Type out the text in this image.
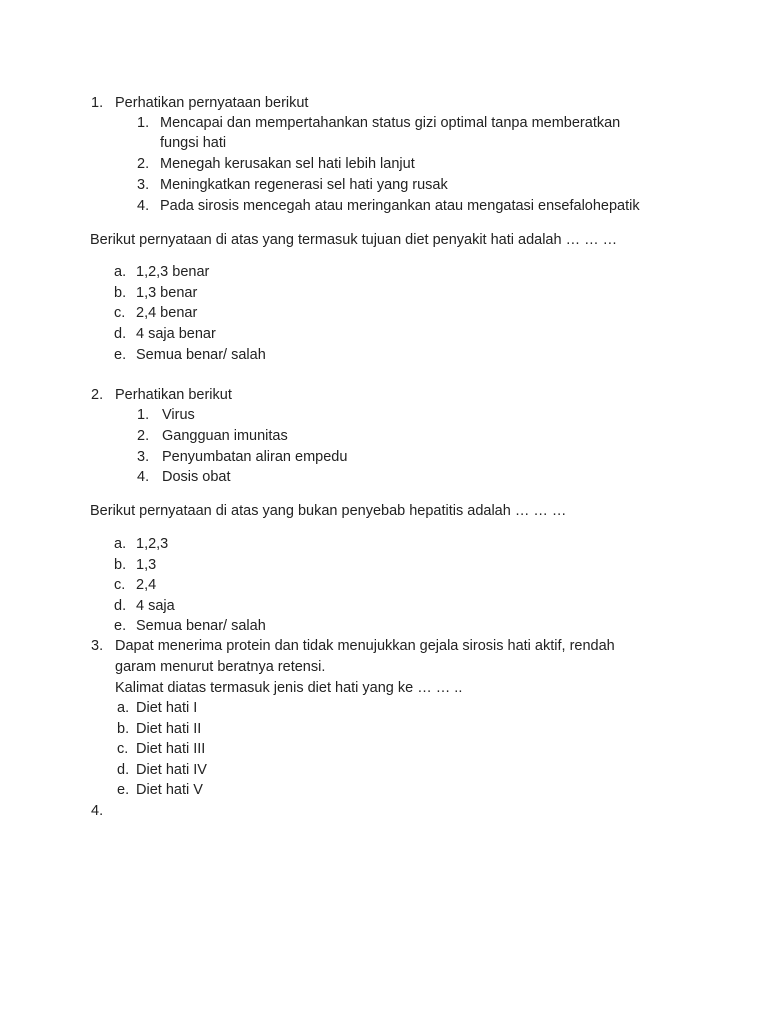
1. Perhatikan pernyataan berikut
1. Mencapai dan mempertahankan status gizi optimal tanpa memberatkan
fungsi hati
2. Menegah kerusakan sel hati lebih lanjut
3. Meningkatkan regenerasi sel hati yang rusak
4. Pada sirosis mencegah atau meringankan atau mengatasi ensefalohepatik
Berikut pernyataan di atas yang termasuk tujuan diet penyakit hati adalah … … …
a. 1,2,3 benar
b. 1,3 benar
c. 2,4 benar
d. 4 saja benar
e. Semua benar/ salah
2. Perhatikan berikut
1. Virus
2. Gangguan imunitas
3. Penyumbatan aliran empedu
4. Dosis obat
Berikut pernyataan di atas yang bukan penyebab hepatitis adalah … … …
a. 1,2,3
b. 1,3
c. 2,4
d. 4 saja
e. Semua benar/ salah
3. Dapat menerima protein dan tidak menujukkan gejala sirosis hati aktif, rendah
garam menurut beratnya retensi.
Kalimat diatas termasuk jenis diet hati yang ke … … ..
a. Diet hati I
b. Diet hati II
c. Diet hati III
d. Diet hati IV
e. Diet hati V
4.
